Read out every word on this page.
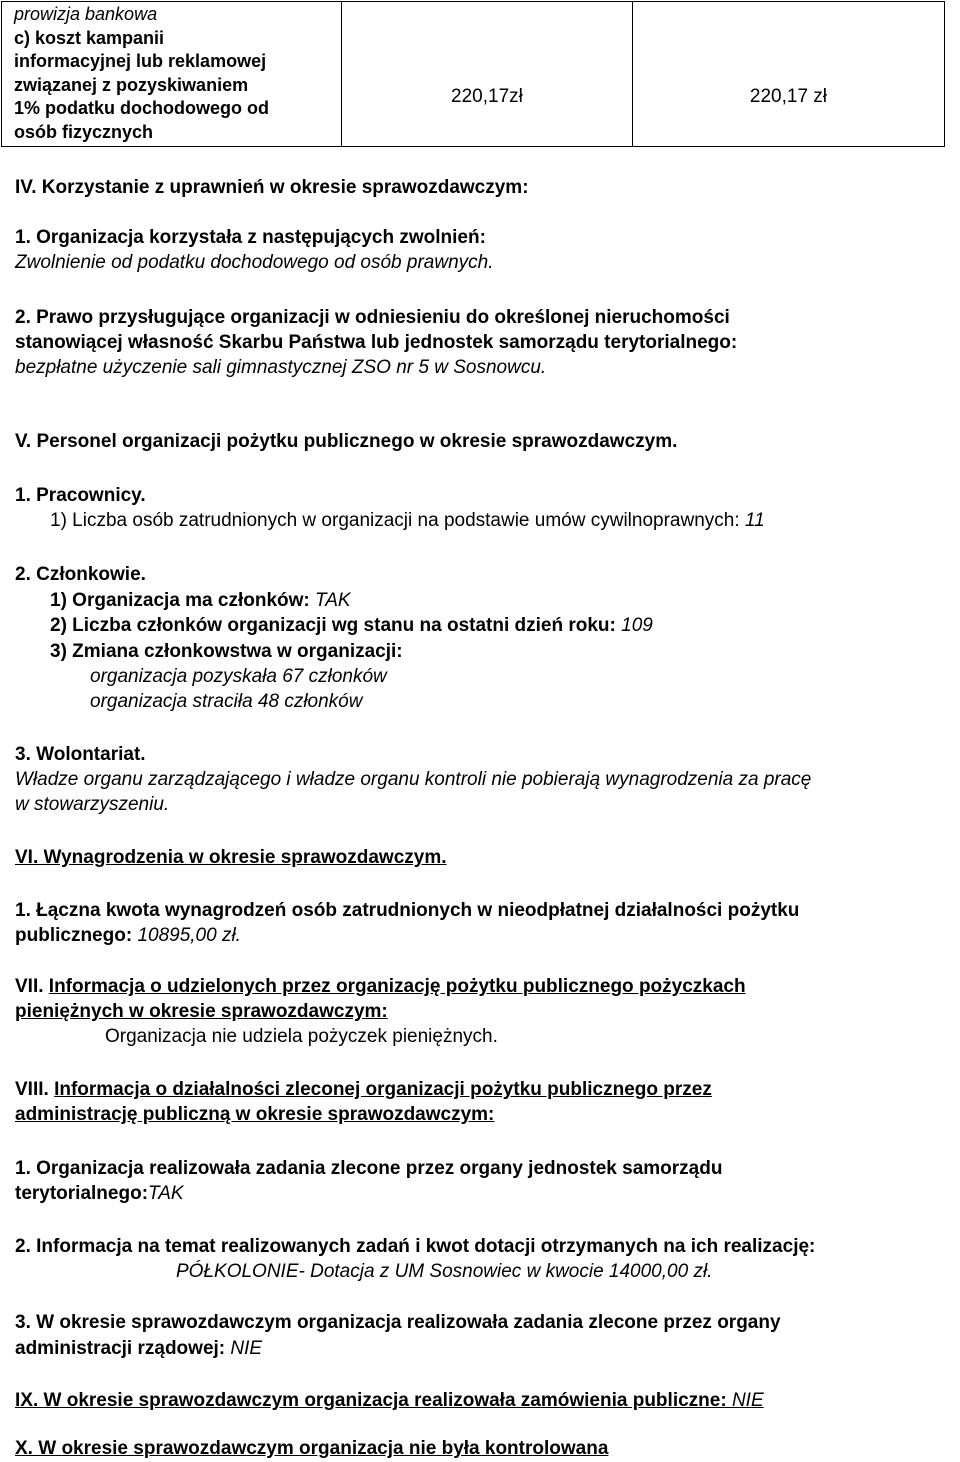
prowizja bankowa
c) koszt kampanii
informacyjnej lub reklamowej
związanej z pozyskiwaniem
1% podatku dochodowego od
osób fizycznych
	220,17zł	220,17 zł
IV. Korzystanie z uprawnień w okresie sprawozdawczym:
1. Organizacja korzystała z następujących zwolnień:
Zwolnienie od podatku dochodowego od osób prawnych.
2. Prawo przysługujące organizacji w odniesieniu do określonej nieruchomości
stanowiącej własność Skarbu Państwa lub jednostek samorządu terytorialnego:
bezpłatne użyczenie sali gimnastycznej ZSO nr 5 w Sosnowcu.
V. Personel organizacji pożytku publicznego w okresie sprawozdawczym.
1. Pracownicy.
1) Liczba osób zatrudnionych w organizacji na podstawie umów cywilnoprawnych: 11
2. Członkowie.
1) Organizacja ma członków: TAK
2) Liczba członków organizacji wg stanu na ostatni dzień roku: 109
3) Zmiana członkowstwa w organizacji:
organizacja pozyskała 67 członków
organizacja straciła 48 członków
3. Wolontariat.
Władze organu zarządzającego i władze organu kontroli nie pobierają wynagrodzenia za pracę
w stowarzyszeniu.
VI. Wynagrodzenia w okresie sprawozdawczym.
1. Łączna kwota wynagrodzeń osób zatrudnionych w nieodpłatnej działalności pożytku
publicznego: 10895,00 zł.
VII. Informacja o udzielonych przez organizację pożytku publicznego pożyczkach
pieniężnych w okresie sprawozdawczym:
Organizacja nie udziela pożyczek pieniężnych.
VIII. Informacja o działalności zleconej organizacji pożytku publicznego przez
administrację publiczną w okresie sprawozdawczym:
1. Organizacja realizowała zadania zlecone przez organy jednostek samorządu
terytorialnego:TAK
2. Informacja na temat realizowanych zadań i kwot dotacji otrzymanych na ich realizację:
PÓŁKOLONIE- Dotacja z UM Sosnowiec w kwocie 14000,00 zł.
3. W okresie sprawozdawczym organizacja realizowała zadania zlecone przez organy
administracji rządowej: NIE
IX. W okresie sprawozdawczym organizacja realizowała zamówienia publiczne: NIE
X. W okresie sprawozdawczym organizacja nie była kontrolowana
